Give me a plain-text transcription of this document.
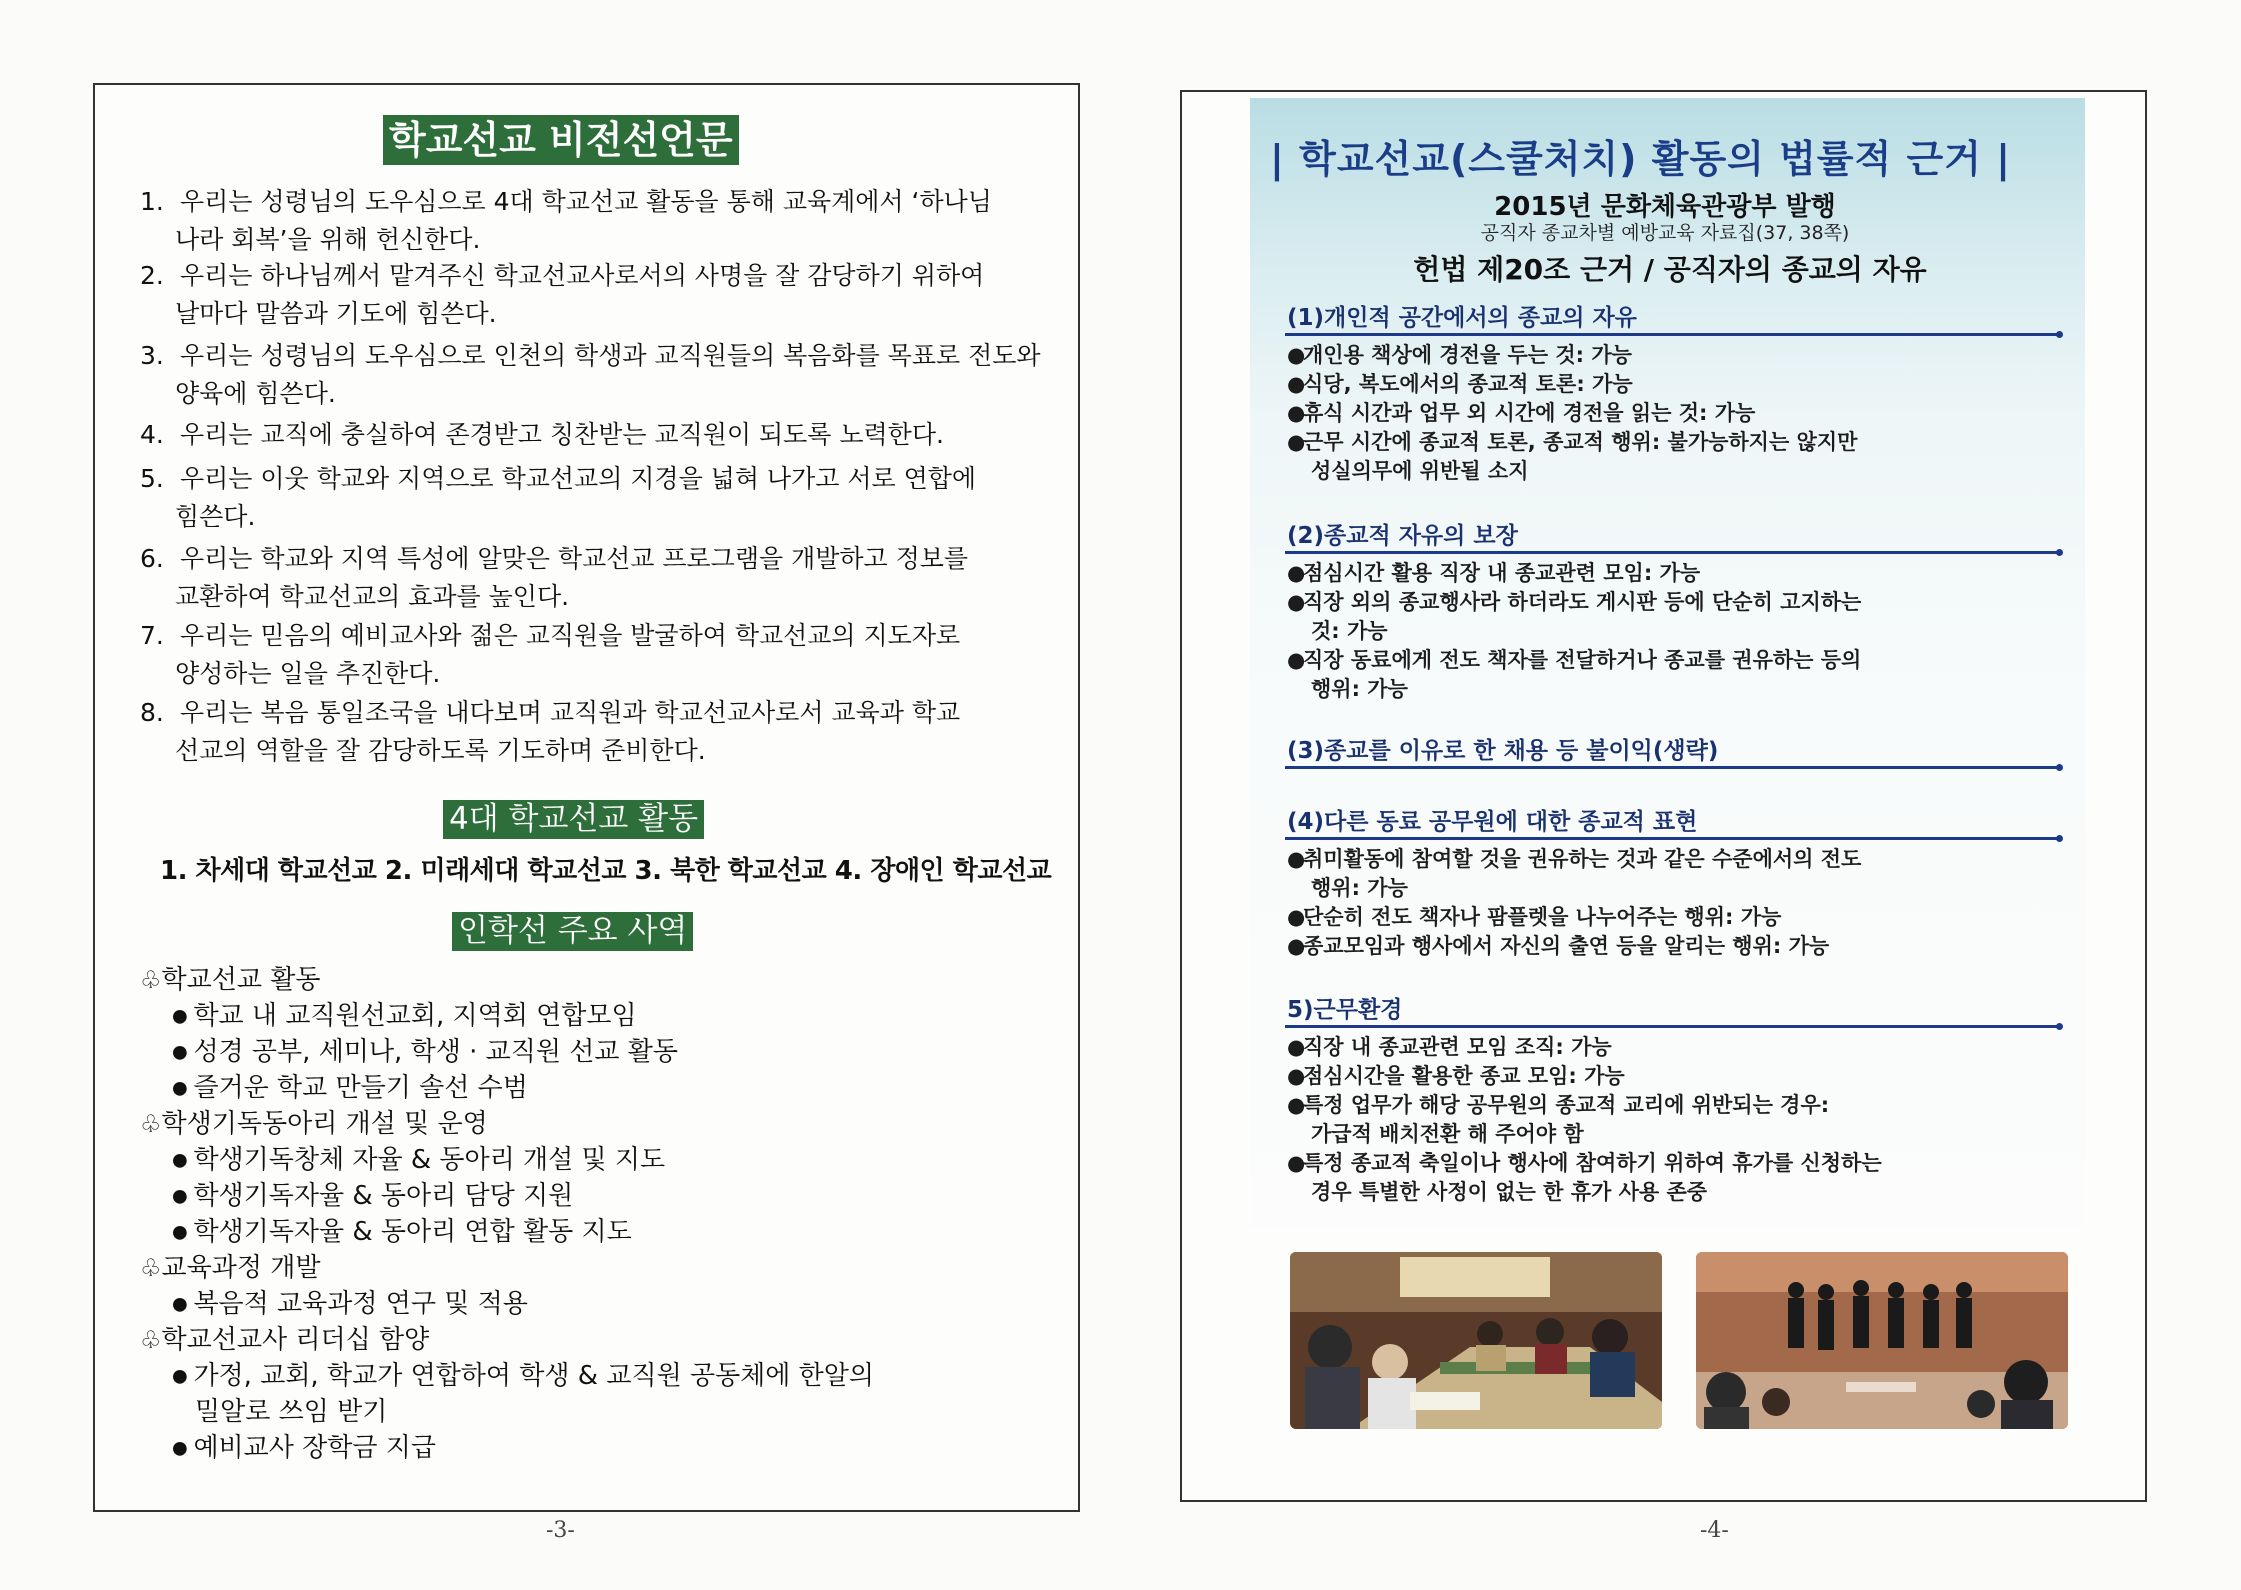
학교선교 비전선언문
1. 우리는 성령님의 도우심으로 4대 학교선교 활동을 통해 교육계에서 ‘하나님
나라 회복’을 위해 헌신한다.
2. 우리는 하나님께서 맡겨주신 학교선교사로서의 사명을 잘 감당하기 위하여
날마다 말씀과 기도에 힘쓴다.
3. 우리는 성령님의 도우심으로 인천의 학생과 교직원들의 복음화를 목표로 전도와
양육에 힘쓴다.
4. 우리는 교직에 충실하여 존경받고 칭찬받는 교직원이 되도록 노력한다.
5. 우리는 이웃 학교와 지역으로 학교선교의 지경을 넓혀 나가고 서로 연합에
힘쓴다.
6. 우리는 학교와 지역 특성에 알맞은 학교선교 프로그램을 개발하고 정보를
교환하여 학교선교의 효과를 높인다.
7. 우리는 믿음의 예비교사와 젊은 교직원을 발굴하여 학교선교의 지도자로
양성하는 일을 추진한다.
8. 우리는 복음 통일조국을 내다보며 교직원과 학교선교사로서 교육과 학교
선교의 역할을 잘 감당하도록 기도하며 준비한다.
4대 학교선교 활동
1. 차세대 학교선교 2. 미래세대 학교선교 3. 북한 학교선교 4. 장애인 학교선교
인학선 주요 사역
♧학교선교 활동
● 학교 내 교직원선교회, 지역회 연합모임
● 성경 공부, 세미나, 학생 · 교직원 선교 활동
● 즐거운 학교 만들기 솔선 수범
♧학생기독동아리 개설 및 운영
● 학생기독창체 자율 & 동아리 개설 및 지도
● 학생기독자율 & 동아리 담당 지원
● 학생기독자율 & 동아리 연합 활동 지도
♧교육과정 개발
● 복음적 교육과정 연구 및 적용
♧학교선교사 리더십 함양
● 가정, 교회, 학교가 연합하여 학생 & 교직원 공동체에 한알의
밀알로 쓰임 받기
● 예비교사 장학금 지급
-3-
| 학교선교(스쿨처치) 활동의 법률적 근거 |
2015년 문화체육관광부 발행
공직자 종교차별 예방교육 자료집(37, 38쪽)
헌법 제20조 근거 / 공직자의 종교의 자유
(1)개인적 공간에서의 종교의 자유
●개인용 책상에 경전을 두는 것: 가능
●식당, 복도에서의 종교적 토론: 가능
●휴식 시간과 업무 외 시간에 경전을 읽는 것: 가능
●근무 시간에 종교적 토론, 종교적 행위: 불가능하지는 않지만
성실의무에 위반될 소지
(2)종교적 자유의 보장
●점심시간 활용 직장 내 종교관련 모임: 가능
●직장 외의 종교행사라 하더라도 게시판 등에 단순히 고지하는
것: 가능
●직장 동료에게 전도 책자를 전달하거나 종교를 권유하는 등의
행위: 가능
(3)종교를 이유로 한 채용 등 불이익(생략)
(4)다른 동료 공무원에 대한 종교적 표현
●취미활동에 참여할 것을 권유하는 것과 같은 수준에서의 전도
행위: 가능
●단순히 전도 책자나 팜플렛을 나누어주는 행위: 가능
●종교모임과 행사에서 자신의 출연 등을 알리는 행위: 가능
5)근무환경
●직장 내 종교관련 모임 조직: 가능
●점심시간을 활용한 종교 모임: 가능
●특정 업무가 해당 공무원의 종교적 교리에 위반되는 경우:
가급적 배치전환 해 주어야 함
●특정 종교적 축일이나 행사에 참여하기 위하여 휴가를 신청하는
경우 특별한 사정이 없는 한 휴가 사용 존중
-4-
